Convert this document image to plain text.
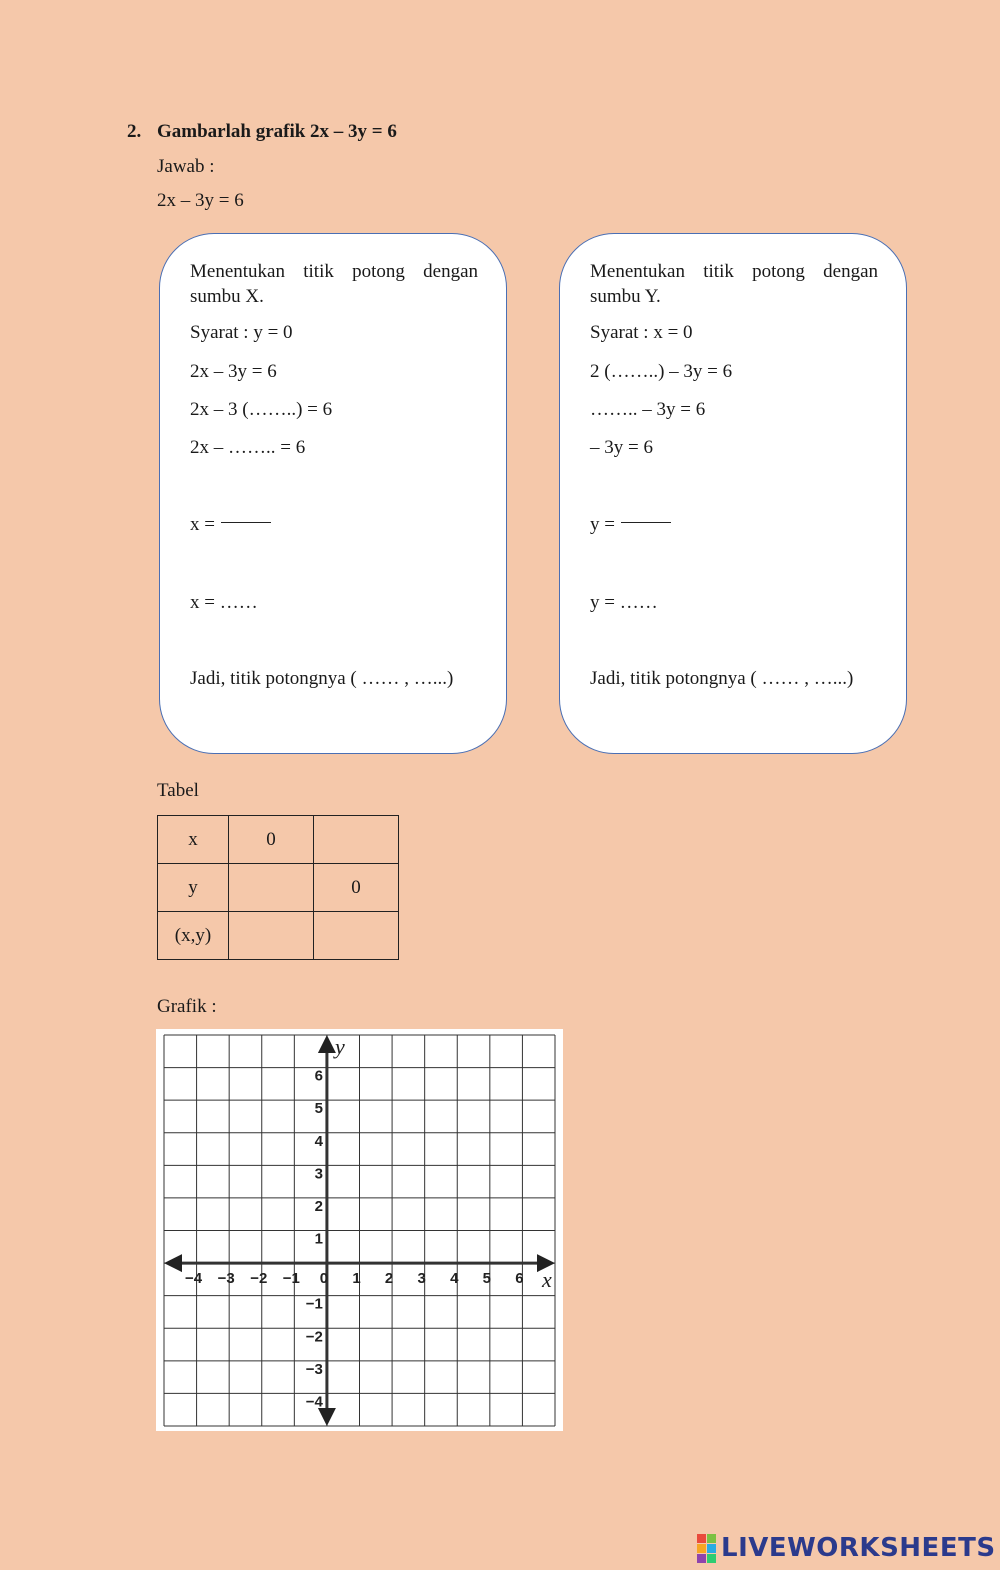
2. Gambarlah grafik 2x – 3y = 6
Jawab :
2x – 3y = 6
Menentukan titik potong dengan sumbu X.
Syarat : y = 0
2x – 3y = 6
2x – 3 (……..) = 6
2x – …….. = 6
x =
x = ……
Jadi, titik potongnya ( …… , …...)
Menentukan titik potong dengan sumbu Y.
Syarat : x = 0
2 (……..) – 3y = 6
…….. – 3y = 6
– 3y = 6
y =
y = ……
Jadi, titik potongnya ( …… , …...)
Tabel
x	0	
y		0
(x,y)		
Grafik :
−4 −3 −2 −1 0 1 2 3 4 5 6
6
5
4
3
2
1
−1
−2
−3
−4
x
y
LIVEWORKSHEETS
